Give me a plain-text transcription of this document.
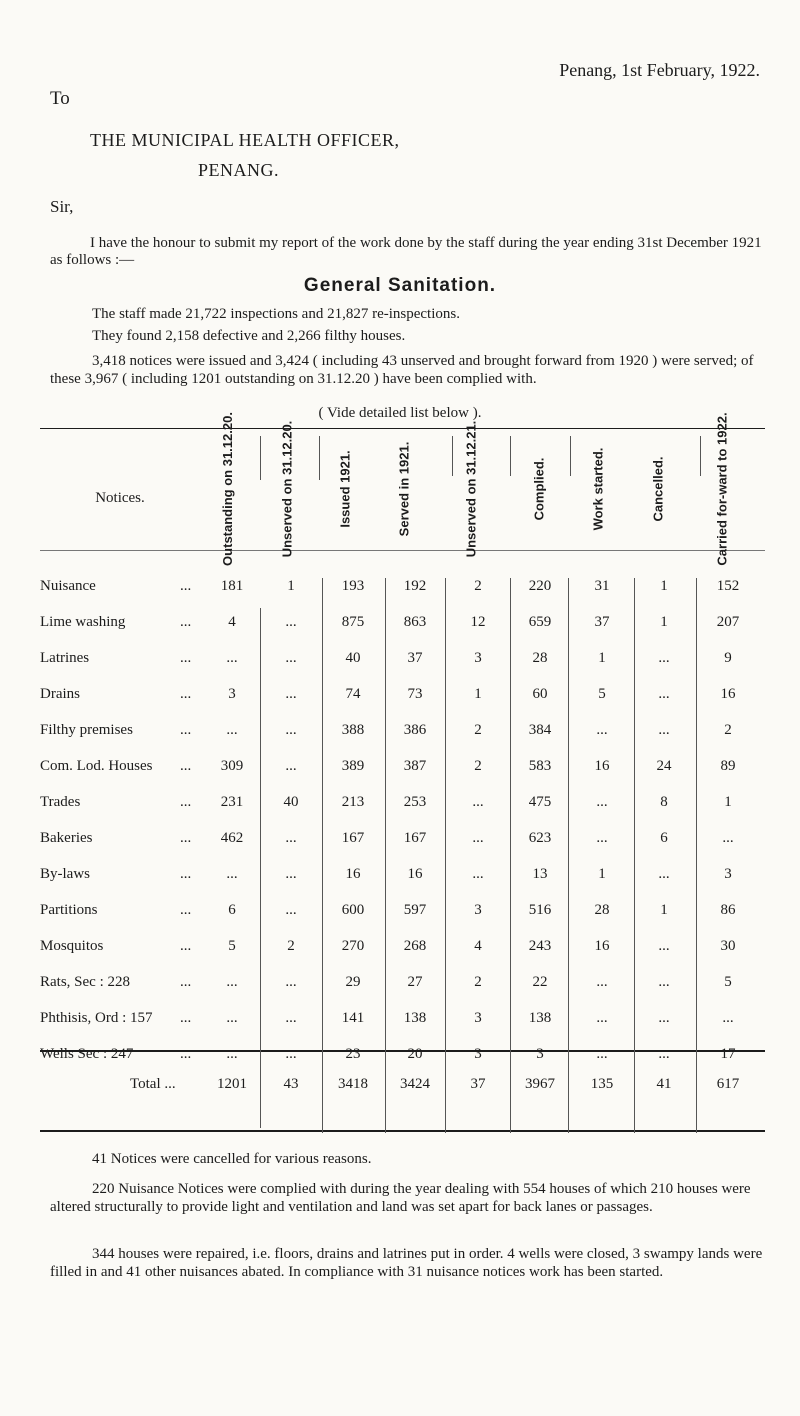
Penang, 1st February, 1922.
To
THE MUNICIPAL HEALTH OFFICER,
PENANG.
Sir,
I have the honour to submit my report of the work done by the staff during the year ending 31st December 1921 as follows :—
General Sanitation.
The staff made 21,722 inspections and 21,827 re-inspections.
They found 2,158 defective and 2,266 filthy houses.
3,418 notices were issued and 3,424 ( including 43 unserved and brought forward from 1920 ) were served; of these 3,967 ( including 1201 outstanding on 31.12.20 ) have been complied with.
( Vide detailed list below ).
Notices.	Outstanding on 31.12.20.	Unserved on 31.12.20.	Issued 1921.	Served in 1921.	Unserved on 31.12.21.	Complied.	Work started.	Cancelled.	Carried for-ward to 1922.
Nuisance	...	181	1	193	192	2	220	31	1	152
Lime washing	...	4	...	875	863	12	659	37	1	207
Latrines	...	...	...	40	37	3	28	1	...	9
Drains	...	3	...	74	73	1	60	5	...	16
Filthy premises	...	...	...	388	386	2	384	...	...	2
Com. Lod. Houses ...	309	...	389	387	2	583	16	24	89
Trades	...	231	40	213	253	...	475	...	8	1
Bakeries	...	462	...	167	167	...	623	...	6	...
By-laws	...	...	...	16	16	...	13	1	...	3
Partitions	...	6	...	600	597	3	516	28	1	86
Mosquitos	...	5	2	270	268	4	243	16	...	30
Rats, Sec : 228	...	...	...	29	27	2	22	...	...	5
Phthisis, Ord : 157 ...	...	...	141	138	3	138	...	...	...
Wells Sec : 247	...	...	...	23	20	3	3	...	...	17
Total ...	1201	43	3418	3424	37	3967	135	41	617
41 Notices were cancelled for various reasons.
220 Nuisance Notices were complied with during the year dealing with 554 houses of which 210 houses were altered structurally to provide light and ventilation and land was set apart for back lanes or passages.
344 houses were repaired, i.e. floors, drains and latrines put in order. 4 wells were closed, 3 swampy lands were filled in and 41 other nuisances abated. In compliance with 31 nuisance notices work has been started.
